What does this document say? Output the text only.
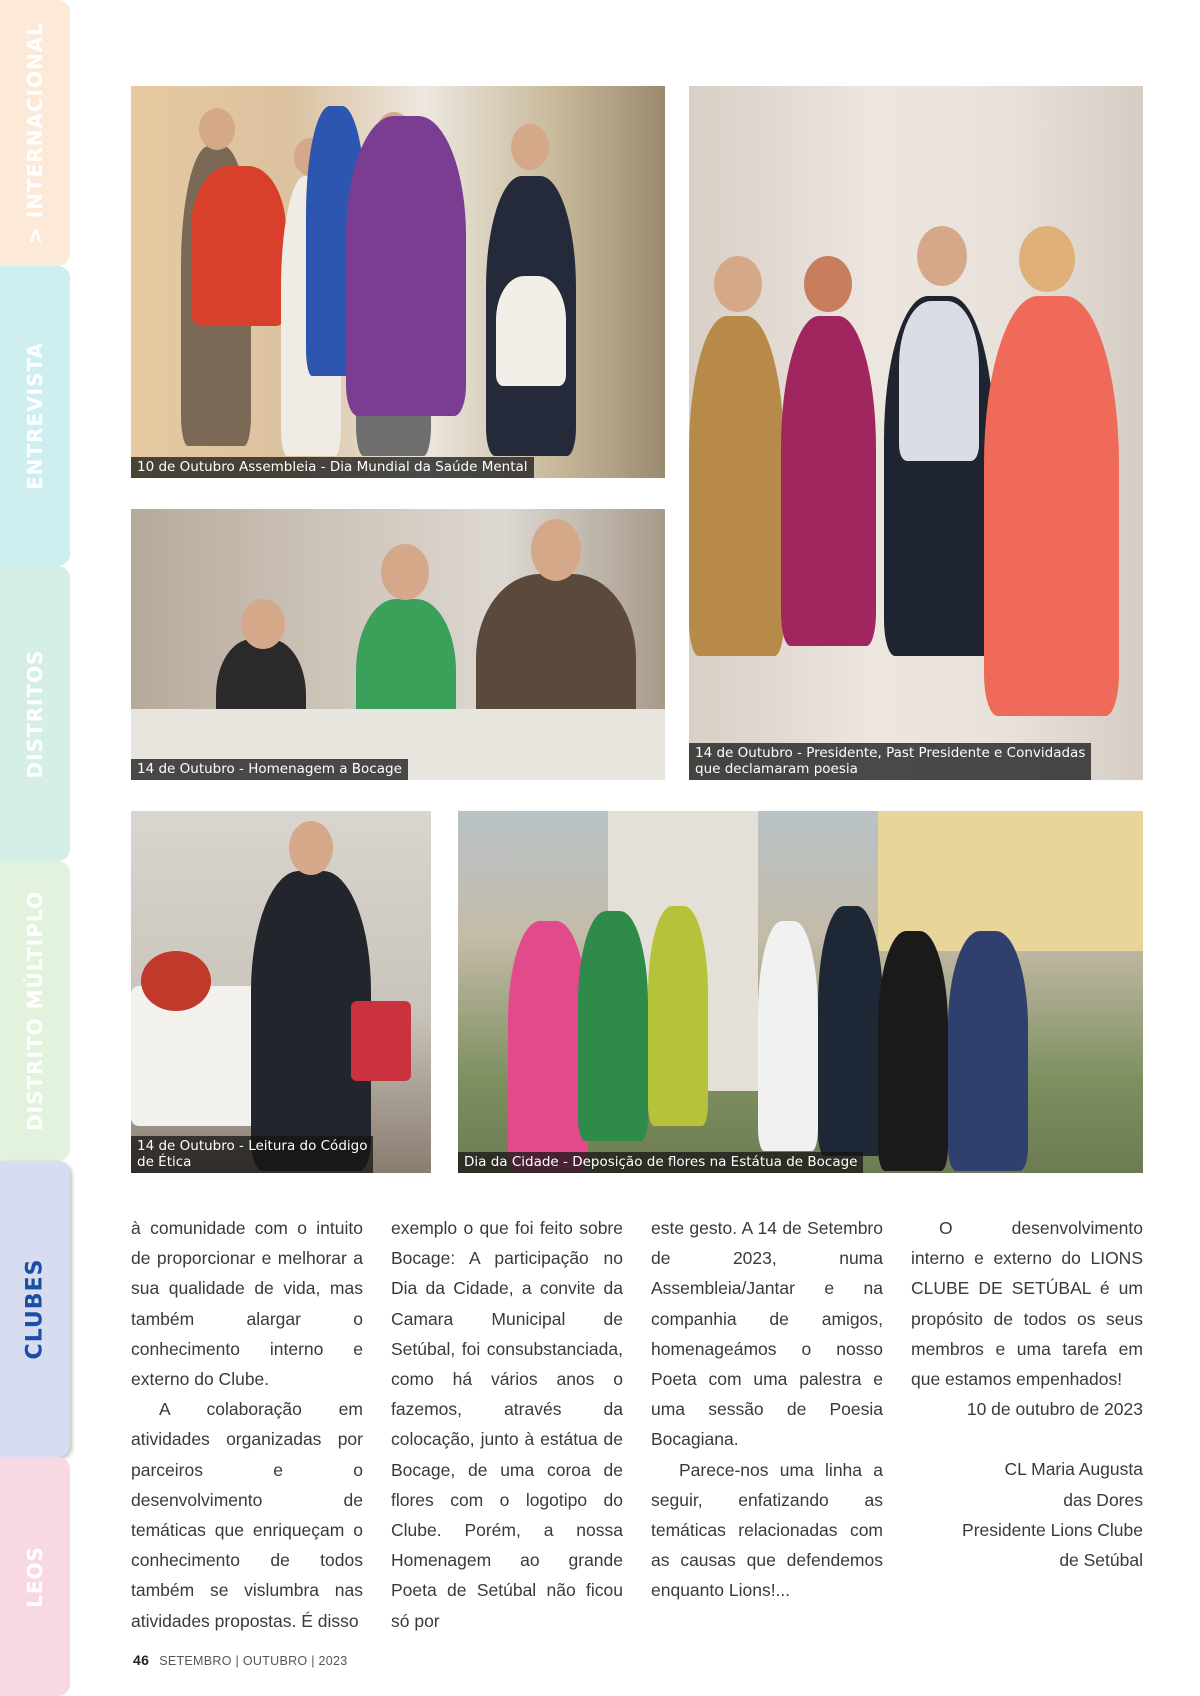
> INTERNACIONAL
ENTREVISTA
DISTRITOS
DISTRITO MÚLTIPLO
CLUBES
LEOS
10 de Outubro Assembleia - Dia Mundial da Saúde Mental
14 de Outubro - Presidente, Past Presidente e Convidadas
que declamaram poesia
14 de Outubro - Homenagem a Bocage
14 de Outubro - Leitura do Código
de Ética	Dia da Cidade - Deposição de flores na Estátua de Bocage

à comunidade com o intuito de proporcionar e melhorar a sua qualidade de vida, mas também alargar o conhecimento interno e externo do Clube.

A colaboração em atividades organizadas por parceiros e o desenvolvimento de temáticas que enriqueçam o conhecimento de todos também se vislumbra nas atividades propostas. É disso

exemplo o que foi feito sobre Bocage: A participação no Dia da Cidade, a convite da Camara Municipal de Setúbal, foi consubstanciada, como há vários anos o fazemos, através da colocação, junto à estátua de Bocage, de uma coroa de flores com o logotipo do Clube. Porém, a nossa Homenagem ao grande Poeta de Setúbal não ficou só por

este gesto. A 14 de Setembro de 2023, numa Assembleia/Jantar e na companhia de amigos, homenageámos o nosso Poeta com uma palestra e uma sessão de Poesia Bocagiana.

Parece-nos uma linha a seguir, enfatizando as temáticas relacionadas com as causas que defendemos enquanto Lions!...

O desenvolvimento interno e externo do LIONS CLUBE DE SETÚBAL é um propósito de todos os seus membros e uma tarefa em que estamos empenhados!

10 de outubro de 2023

CL Maria Augusta

das Dores

Presidente Lions Clube

de Setúbal

46 SETEMBRO | OUTUBRO | 2023
